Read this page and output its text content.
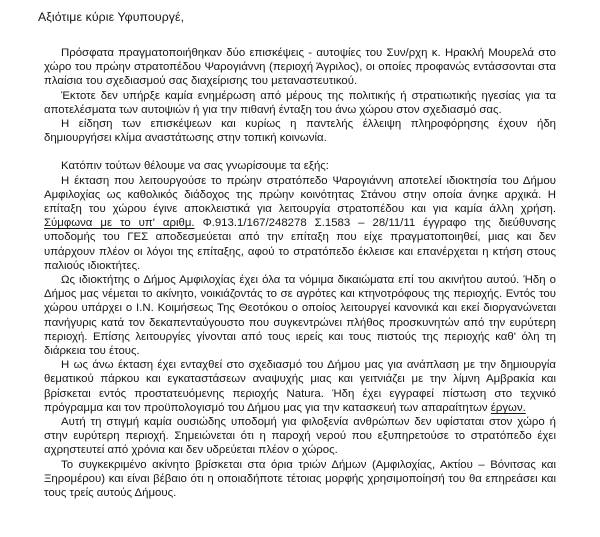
Αξιότιμε κύριε Υφυπουργέ,

Πρόσφατα πραγματοποιήθηκαν δύο επισκέψεις - αυτοψίες του Συν/ρχη κ. Ηρακλή Μουρελά στο χώρο του πρώην στρατοπέδου Ψαρογιάννη (περιοχή Άγριλος), οι οποίες προφανώς εντάσσονται στα πλαίσια του σχεδιασμού σας διαχείρισης του μεταναστευτικού.

Έκτοτε δεν υπήρξε καμία ενημέρωση από μέρους της πολιτικής ή στρατιωτικής ηγεσίας για τα αποτελέσματα των αυτοψιών ή για την πιθανή ένταξη του άνω χώρου στον σχεδιασμό σας.

Η είδηση των επισκέψεων και κυρίως η παντελής έλλειψη πληροφόρησης έχουν ήδη δημιουργήσει κλίμα αναστάτωσης στην τοπική κοινωνία.

Κατόπιν τούτων θέλουμε να σας γνωρίσουμε τα εξής:

Η έκταση που λειτουργούσε το πρώην στρατόπεδο Ψαρογιάννη αποτελεί ιδιοκτησία του Δήμου Αμφιλοχίας ως καθολικός διάδοχος της πρώην κοινότητας Στάνου στην οποία άνηκε αρχικά. Η επίταξη του χώρου έγινε αποκλειστικά για λειτουργία στρατοπέδου και για καμία άλλη χρήση. Σύμφωνα με το υπ' αριθμ. Φ.913.1/167/248278 Σ.1583 – 28/11/11 έγγραφο της διεύθυνσης υποδομής του ΓΕΣ αποδεσμεύεται από την επίταξη που είχε πραγματοποιηθεί, μιας και δεν υπάρχουν πλέον οι λόγοι της επίταξης, αφού το στρατόπεδο έκλεισε και επανέρχεται η κτήση στους παλιούς ιδιοκτήτες.

Ως ιδιοκτήτης ο Δήμος Αμφιλοχίας έχει όλα τα νόμιμα δικαιώματα επί του ακινήτου αυτού. Ήδη ο Δήμος μας νέμεται το ακίνητο, νοικιάζοντάς το σε αγρότες και κτηνοτρόφους της περιοχής. Εντός του χώρου υπάρχει ο Ι.Ν. Κοιμήσεως Της Θεοτόκου ο οποίος λειτουργεί κανονικά και εκεί διοργανώνεται πανήγυρις κατά τον δεκαπενταύγουστο που συγκεντρώνει πλήθος προσκυνητών από την ευρύτερη περιοχή. Επίσης λειτουργίες γίνονται από τους ιερείς και τους πιστούς της περιοχής καθ' όλη τη διάρκεια του έτους.

Η ως άνω έκταση έχει ενταχθεί στο σχεδιασμό του Δήμου μας για ανάπλαση με την δημιουργία θεματικού πάρκου και εγκαταστάσεων αναψυχής μιας και γειτνιάζει με την λίμνη Αμβρακία και βρίσκεται εντός προστατευόμενης περιοχής Natura. Ήδη έχει εγγραφεί πίστωση στο τεχνικό πρόγραμμα και τον προϋπολογισμό του Δήμου μας για την κατασκευή των απαραίτητων έργων.

Αυτή τη στιγμή καμία ουσιώδης υποδομή για φιλοξενία ανθρώπων δεν υφίσταται στον χώρο ή στην ευρύτερη περιοχή. Σημειώνεται ότι η παροχή νερού που εξυπηρετούσε το στρατόπεδο έχει αχρηστευτεί από χρόνια και δεν υδρεύεται πλέον ο χώρος.

Το συγκεκριμένο ακίνητο βρίσκεται στα όρια τριών Δήμων (Αμφιλοχίας, Ακτίου – Βόνιτσας και Ξηρομέρου) και είναι βέβαιο ότι η οποιαδήποτε τέτοιας μορφής χρησιμοποίησή του θα επηρεάσει και τους τρείς αυτούς Δήμους.
